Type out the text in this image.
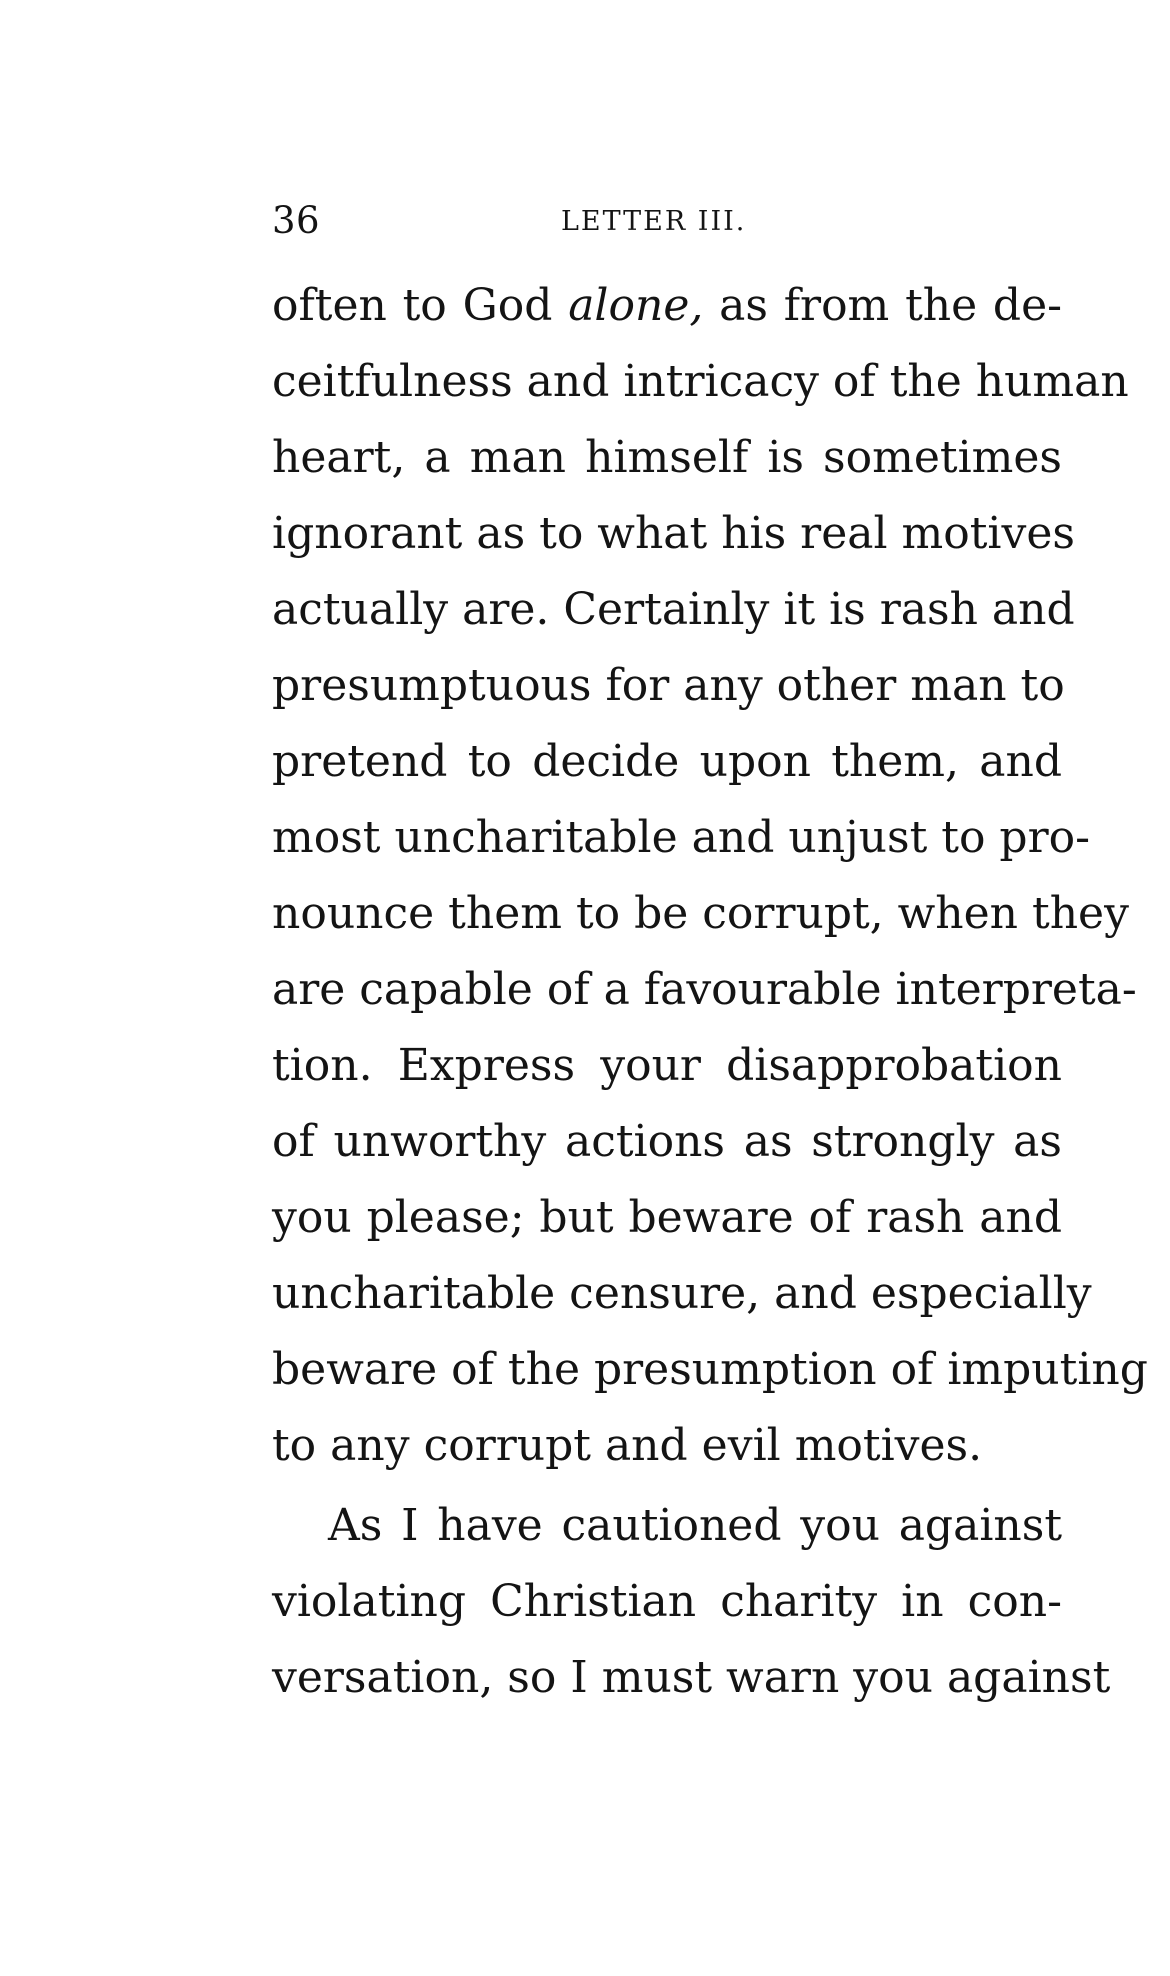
36	LETTER III.
often to God alone, as from the de-
ceitfulness and intricacy of the human
heart, a man himself is sometimes
ignorant as to what his real motives
actually are. Certainly it is rash and
presumptuous for any other man to
pretend to decide upon them, and
most uncharitable and unjust to pro-
nounce them to be corrupt, when they
are capable of a favourable interpreta-
tion. Express your disapprobation
of unworthy actions as strongly as
you please; but beware of rash and
uncharitable censure, and especially
beware of the presumption of imputing
to any corrupt and evil motives.
As I have cautioned you against
violating Christian charity in con-
versation, so I must warn you against
